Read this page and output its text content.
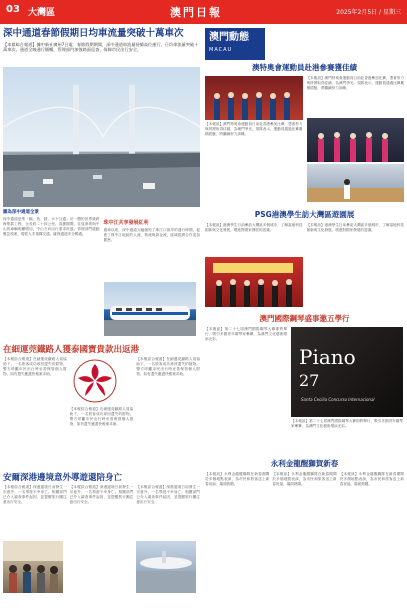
03 大灣區	澳門日報	2025年2月5日 / 星期三
深中通道春節假期日均車流量突破十萬車次
【本報綜合報道】據中新社廣州7日電：春節假期期間，深中通道車流量持續高位運行，日均車流量突破十萬車次。通道全線通行順暢，管理部門加強路面巡查，保障市民出行安全。
圖為深中通道全景
深中通道是集「橋、島、隧、水下互通」於一體的世界級跨海集群工程，全長約二十四公里。春節期間，往返深圳與中山的車輛明顯增加，中山方向出行需求旺盛。管理部門啟動應急預案，增派人手指揮交通，確保通道安全暢通。
珠中江共享發展紅利
通車以來，深中通道大幅縮短了珠江口兩岸的通行時間，促進了珠中江地區的人流、物流與資金流，區域經濟合作更加緊密。
在細運莞鐵路人獲泰國寶貴款出返港
【本報綜合報道】在細運莞鐵路人員協助下，一名旅客成功尋回遺失的財物。警方呼籲市民出行時妥善保管個人財物，如有遺失應盡快報案求助。
【本報綜合報道】在細運莞鐵路人員協助下，一名旅客成功尋回遺失的財物。警方呼籲市民出行時妥善保管個人財物，如有遺失應盡快報案求助。
【本報綜合報道】在細運莞鐵路人員協助下，一名旅客成功尋回遺失的財物。警方呼籲市民出行時妥善保管個人財物，如有遺失應盡快報案求助。
安爾深港邊境意外導遊還陪身亡
【本報綜合報道】深港邊境日前發生一宗意外，一名導遊不幸身亡。相關部門已介入調查事件起因，並提醒旅行團注意出行安全。
【本報綜合報道】深港邊境日前發生一宗意外，一名導遊不幸身亡。相關部門已介入調查事件起因，並提醒旅行團注意出行安全。
【本報綜合報道】深港邊境日前發生一宗意外，一名導遊不幸身亡。相關部門已介入調查事件起因，並提醒旅行團注意出行安全。
澳門動態
MACAU
澳特奧會運動員赴港參賽獲佳績
【本報訊】澳門特奧會運動員日前赴香港參加比賽，憑著努力與拼搏取得佳績，為澳門爭光。領隊表示，運動員通過比賽累積經驗，將繼續努力訓練。
【本報訊】澳門特奧會運動員日前赴香港參加比賽，憑著努力與拼搏取得佳績，為澳門爭光。領隊表示，運動員通過比賽累積經驗，將繼續努力訓練。
PSG港澳學生訪大灣區遊園展
【本報訊】港澳學生日前參訪大灣區多個城市，了解當地科技創新與文化發展，增進對國家發展的認識。
【本報訊】港澳學生日前參訪大灣區多個城市，了解當地科技創新與文化發展，增進對國家發展的認識。
澳門國際鋼琴盛事邀五學行
【本報訊】第二十七屆澳門國際鋼琴大賽即將舉行，吸引多國青年鋼琴家參賽，為澳門文化藝術增添光彩。
27
Piano
Santa Cecilia Concurso Internacional
【本報訊】第二十七屆澳門國際鋼琴大賽即將舉行，吸引多國青年鋼琴家參賽，為澳門文化藝術增添光彩。
永利金龍醒獅賀新春
【本報訊】永利金龍醒獅隊在新春期間於多個地點表演，為市民和旅客送上新春祝福，場面熱鬧。
【本報訊】永利金龍醒獅隊在新春期間於多個地點表演，為市民和旅客送上新春祝福，場面熱鬧。
【本報訊】永利金龍醒獅隊在新春期間於多個地點表演，為市民和旅客送上新春祝福，場面熱鬧。
